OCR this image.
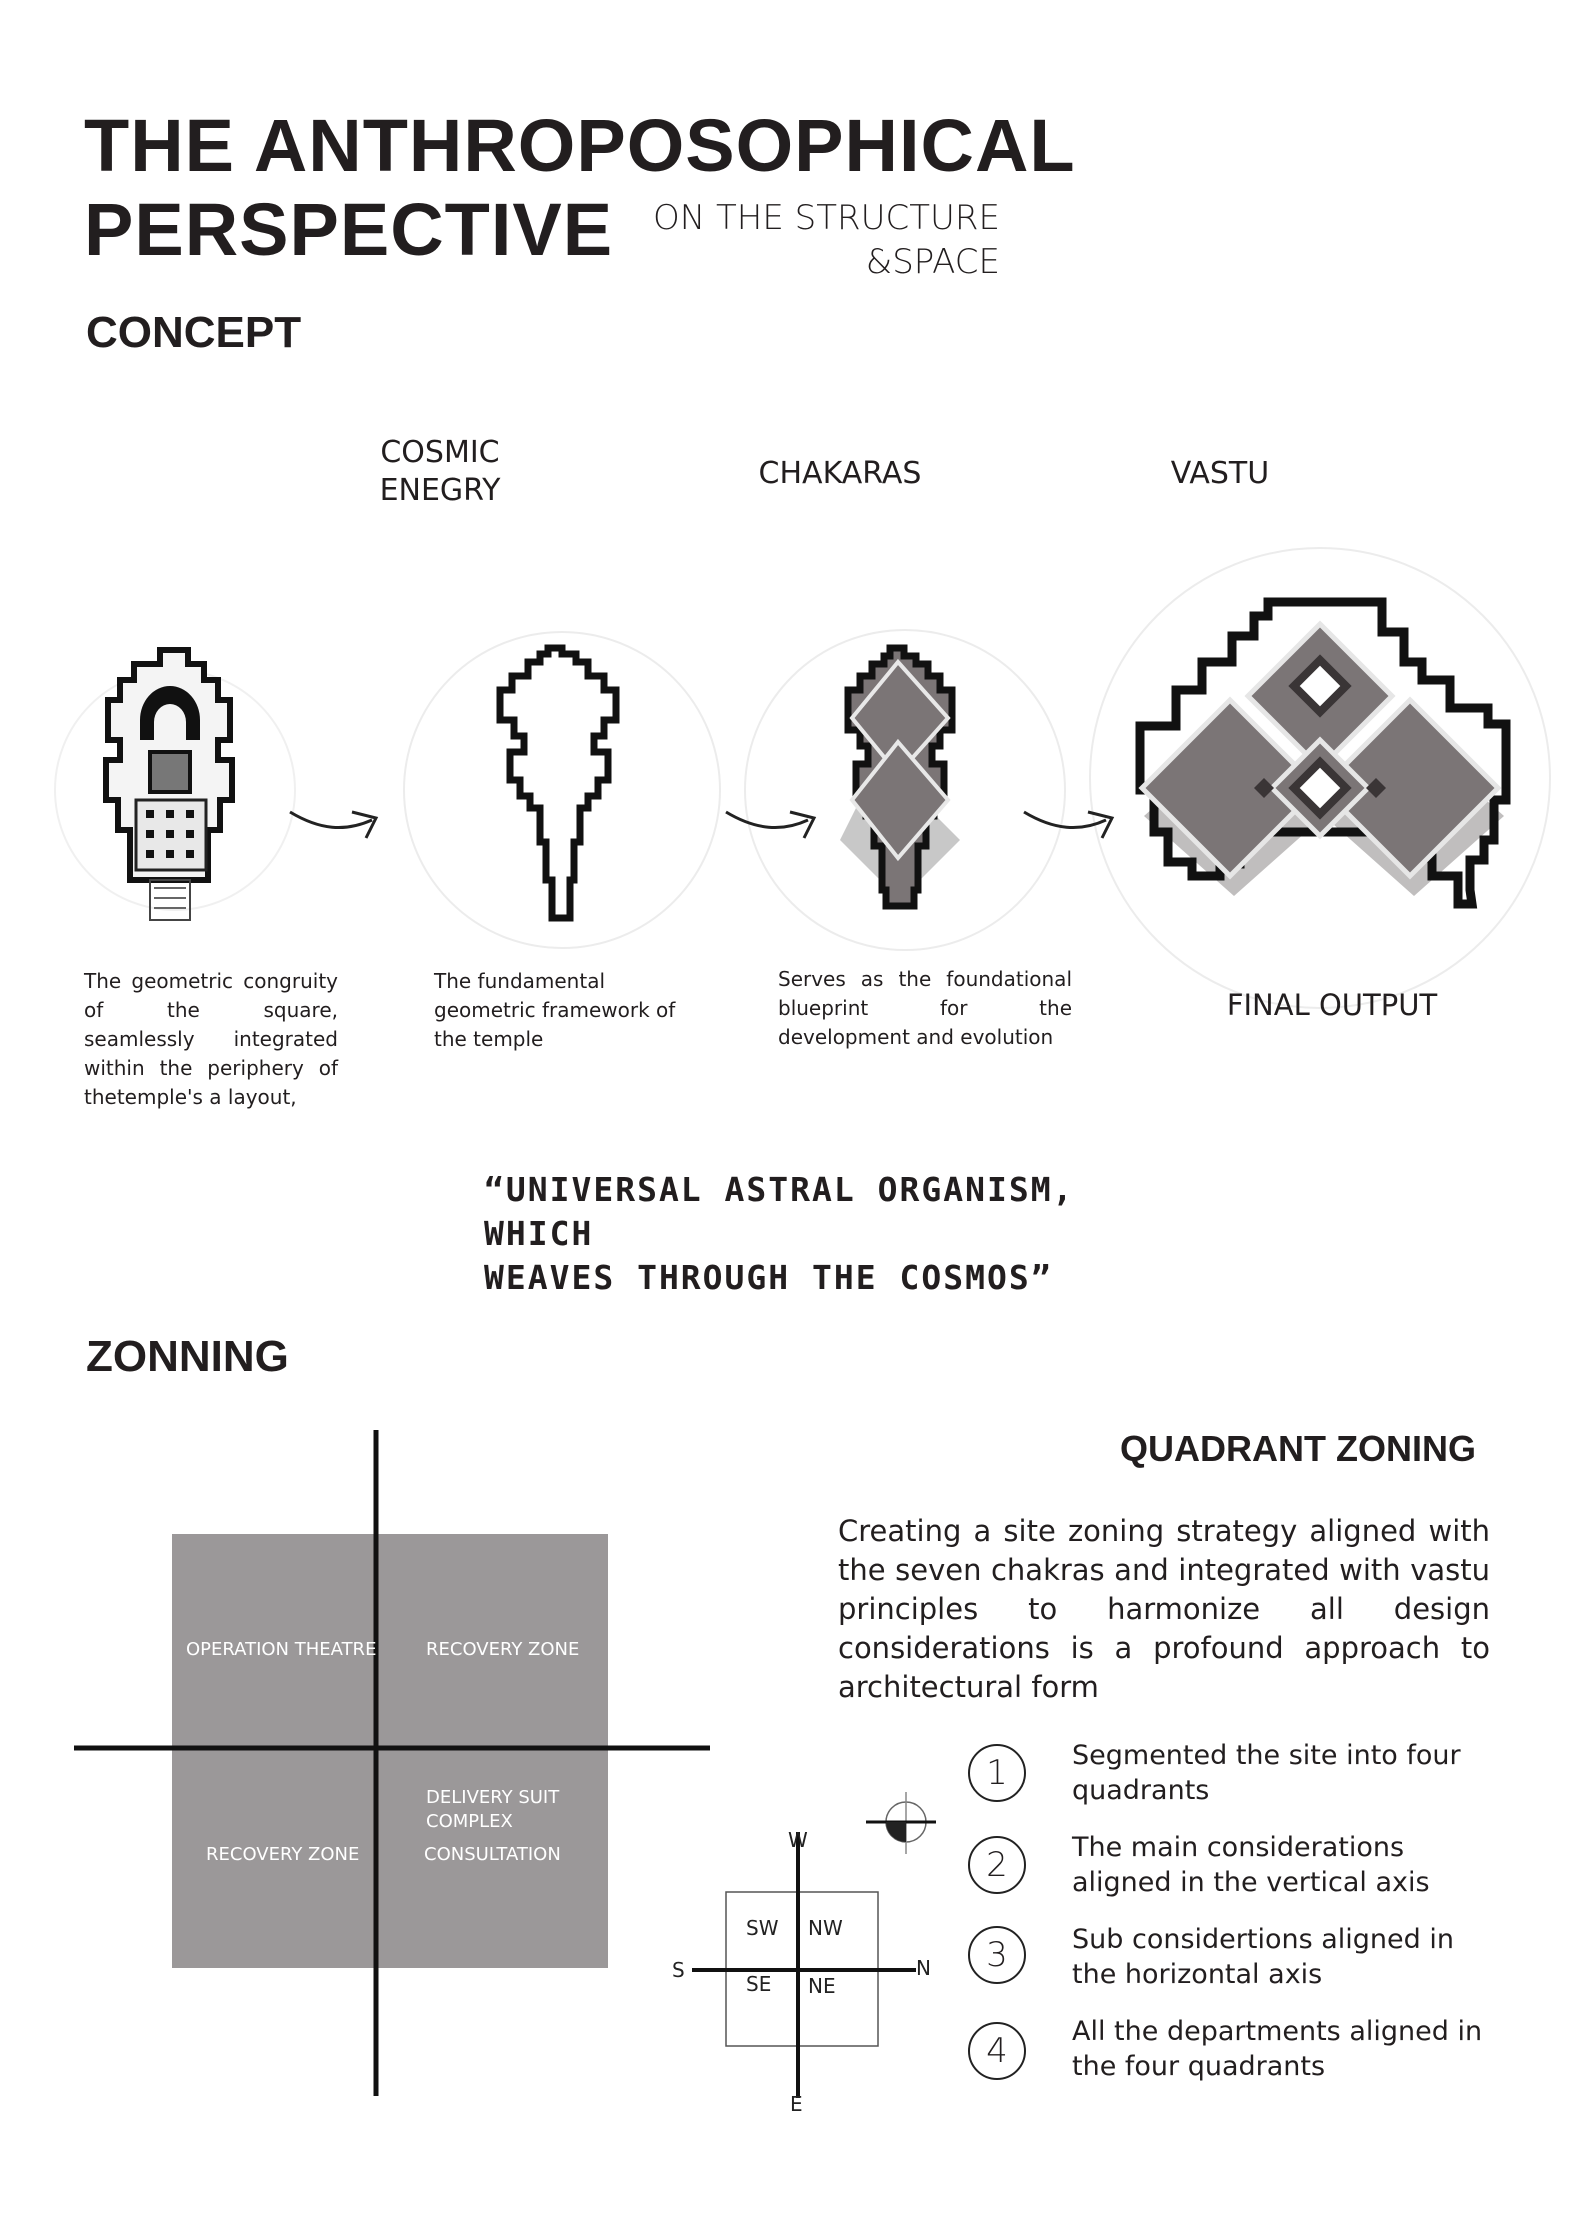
THE ANTHROPOSOPHICAL
PERSPECTIVE	ON THE STRUCTURE
&SPACE
CONCEPT
COSMIC
ENEGRY	CHAKARAS	VASTU
The geometric congruity of the square, seamlessly integrated within the periphery of thetemple's a layout,
The fundamental geometric framework of the temple
Serves as the foundational blueprint for the development and evolution
FINAL OUTPUT
“UNIVERSAL ASTRAL ORGANISM, WHICH
WEAVES THROUGH THE COSMOS”
ZONNING
OPERATION THEATRE	RECOVERY ZONE
RECOVERY ZONE
DELIVERY SUIT
COMPLEX
CONSULTATION
QUADRANT ZONING
Creating a site zoning strategy aligned with the seven chakras and integrated with vastu principles to harmonize all design considerations is a profound approach to architectural form
W
S	N
E
SW NW
SE NE
1	Segmented the site into four quadrants
2	The main considerations aligned in the vertical axis
3	Sub considertions aligned in the horizontal axis
4	All the departments aligned in the four quadrants
